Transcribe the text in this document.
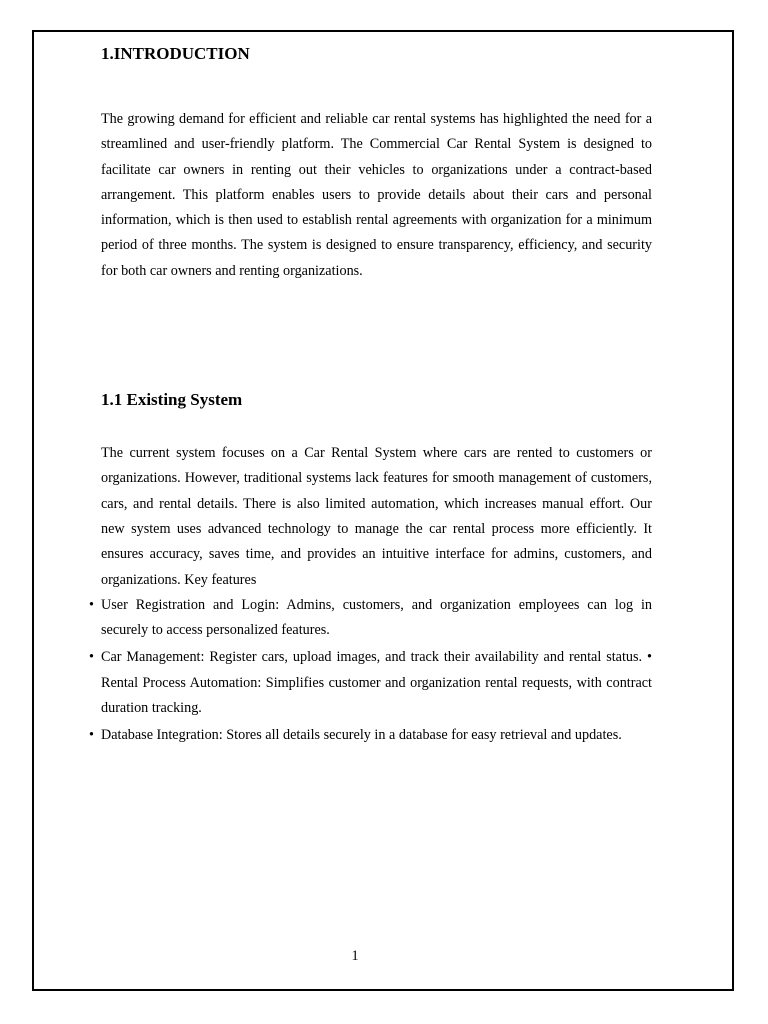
1.INTRODUCTION

The growing demand for efficient and reliable car rental systems has highlighted the need for a streamlined and user-friendly platform. The Commercial Car Rental System is designed to facilitate car owners in renting out their vehicles to organizations under a contract-based arrangement. This platform enables users to provide details about their cars and personal information, which is then used to establish rental agreements with organization for a minimum period of three months. The system is designed to ensure transparency, efficiency, and security for both car owners and renting organizations.

1.1 Existing System

The current system focuses on a Car Rental System where cars are rented to customers or organizations. However, traditional systems lack features for smooth management of customers, cars, and rental details. There is also limited automation, which increases manual effort. Our new system uses advanced technology to manage the car rental process more efficiently. It ensures accuracy, saves time, and provides an intuitive interface for admins, customers, and organizations. Key features

• User Registration and Login: Admins, customers, and organization employees can log in securely to access personalized features.
• Car Management: Register cars, upload images, and track their availability and rental status. • Rental Process Automation: Simplifies customer and organization rental requests, with contract duration tracking.
• Database Integration: Stores all details securely in a database for easy retrieval and updates.
1
